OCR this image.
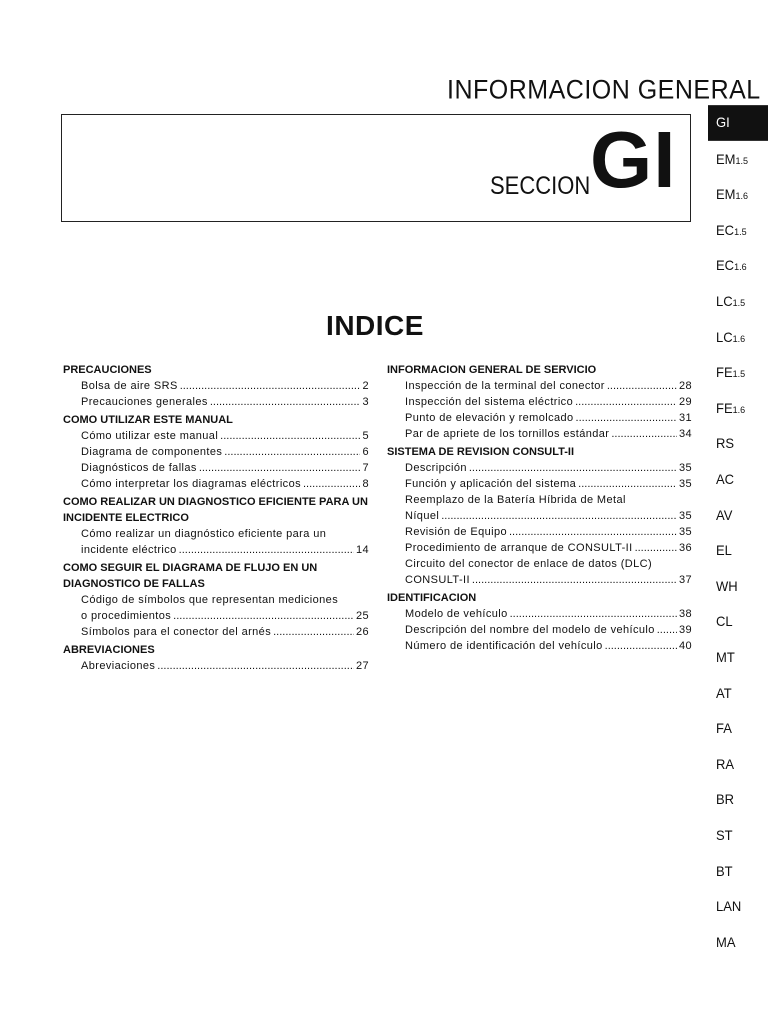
INFORMACION GENERAL
SECCION GI
INDICE
PRECAUCIONES
Bolsa de aire SRS .....	2
Precauciones generales .....	3
COMO UTILIZAR ESTE MANUAL
Cómo utilizar este manual .....	5
Diagrama de componentes .....	6
Diagnósticos de fallas .....	7
Cómo interpretar los diagramas eléctricos .....	8
COMO REALIZAR UN DIAGNOSTICO EFICIENTE PARA UN INCIDENTE ELECTRICO
Cómo realizar un diagnóstico eficiente para un
incidente eléctrico .....	14
COMO SEGUIR EL DIAGRAMA DE FLUJO EN UN DIAGNOSTICO DE FALLAS
Código de símbolos que representan mediciones
o procedimientos .....	25
Símbolos para el conector del arnés .....	26
ABREVIACIONES
Abreviaciones .....	27
INFORMACION GENERAL DE SERVICIO
Inspección de la terminal del conector .....	28
Inspección del sistema eléctrico .....	29
Punto de elevación y remolcado .....	31
Par de apriete de los tornillos estándar .....	34
SISTEMA DE REVISION CONSULT-II
Descripción .....	35
Función y aplicación del sistema .....	35
Reemplazo de la Batería Híbrida de Metal
Níquel .....	35
Revisión de Equipo .....	35
Procedimiento de arranque de CONSULT-II .....	36
Circuito del conector de enlace de datos (DLC)
CONSULT-II .....	37
IDENTIFICACION
Modelo de vehículo .....	38
Descripción del nombre del modelo de vehículo ..... 39
Número de identificación del vehículo .....	40
GI
EM1.5
EM1.6
EC1.5
EC1.6
LC1.5
LC1.6
FE1.5
FE1.6
RS
AC
AV
EL
WH
CL
MT
AT
FA
RA
BR
ST
BT
LAN
MA
